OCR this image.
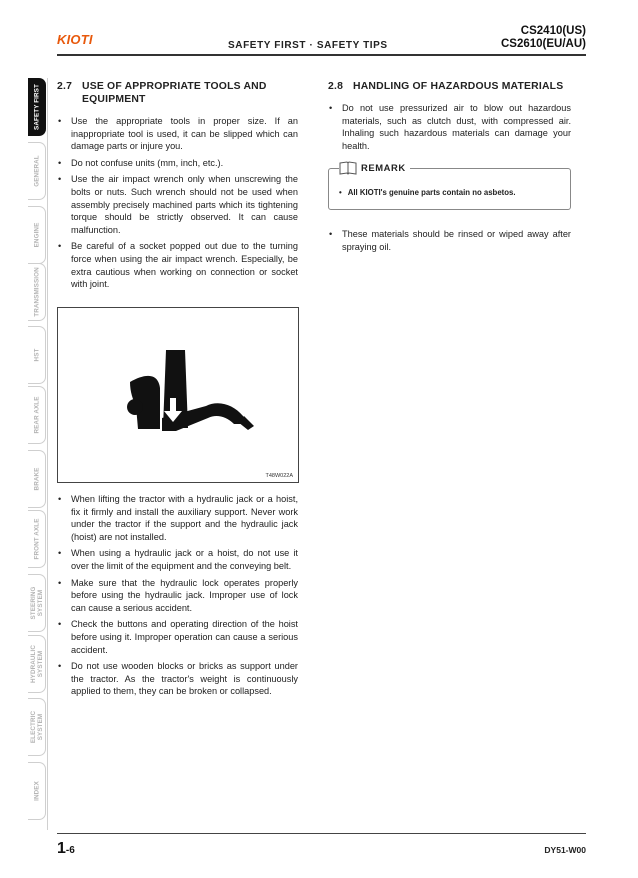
KIOTI	SAFETY FIRST · SAFETY TIPS
CS2410(US)
CS2610(EU/AU)
SAFETY FIRST
GENERAL
ENGINE
TRANSMISSION
HST
REAR AXLE
BRAKE
FRONT AXLE
STEERING SYSTEM
HYDRAULIC SYSTEM
ELECTRIC SYSTEM
INDEX
2.7 USE OF APPROPRIATE TOOLS AND EQUIPMENT
• Use the appropriate tools in proper size. If an inappropriate tool is used, it can be slipped which can damage parts or injure you.
• Do not confuse units (mm, inch, etc.).
• Use the air impact wrench only when unscrewing the bolts or nuts. Such wrench should not be used when assembly precisely machined parts which its tightening torque should be strictly observed. It can cause malfunction.
• Be careful of a socket popped out due to the turning force when using the air impact wrench. Especially, be extra cautious when working on connection or socket with joint.
T48W022A
• When lifting the tractor with a hydraulic jack or a hoist, fix it firmly and install the auxiliary support. Never work under the tractor if the support and the hydraulic jack (hoist) are not installed.
• When using a hydraulic jack or a hoist, do not use it over the limit of the equipment and the conveying belt.
• Make sure that the hydraulic lock operates properly before using the hydraulic jack. Improper use of lock can cause a serious accident.
• Check the buttons and operating direction of the hoist before using it. Improper operation can cause a serious accident.
• Do not use wooden blocks or bricks as support under the tractor. As the tractor's weight is continuously applied to them, they can be broken or collapsed.
2.8 HANDLING OF HAZARDOUS MATERIALS
• Do not use pressurized air to blow out hazardous materials, such as clutch dust, with compressed air. Inhaling such hazardous materials can damage your health.
REMARK
• All KIOTI's genuine parts contain no asbetos.
• These materials should be rinsed or wiped away after spraying oil.
1-6	DY51-W00
